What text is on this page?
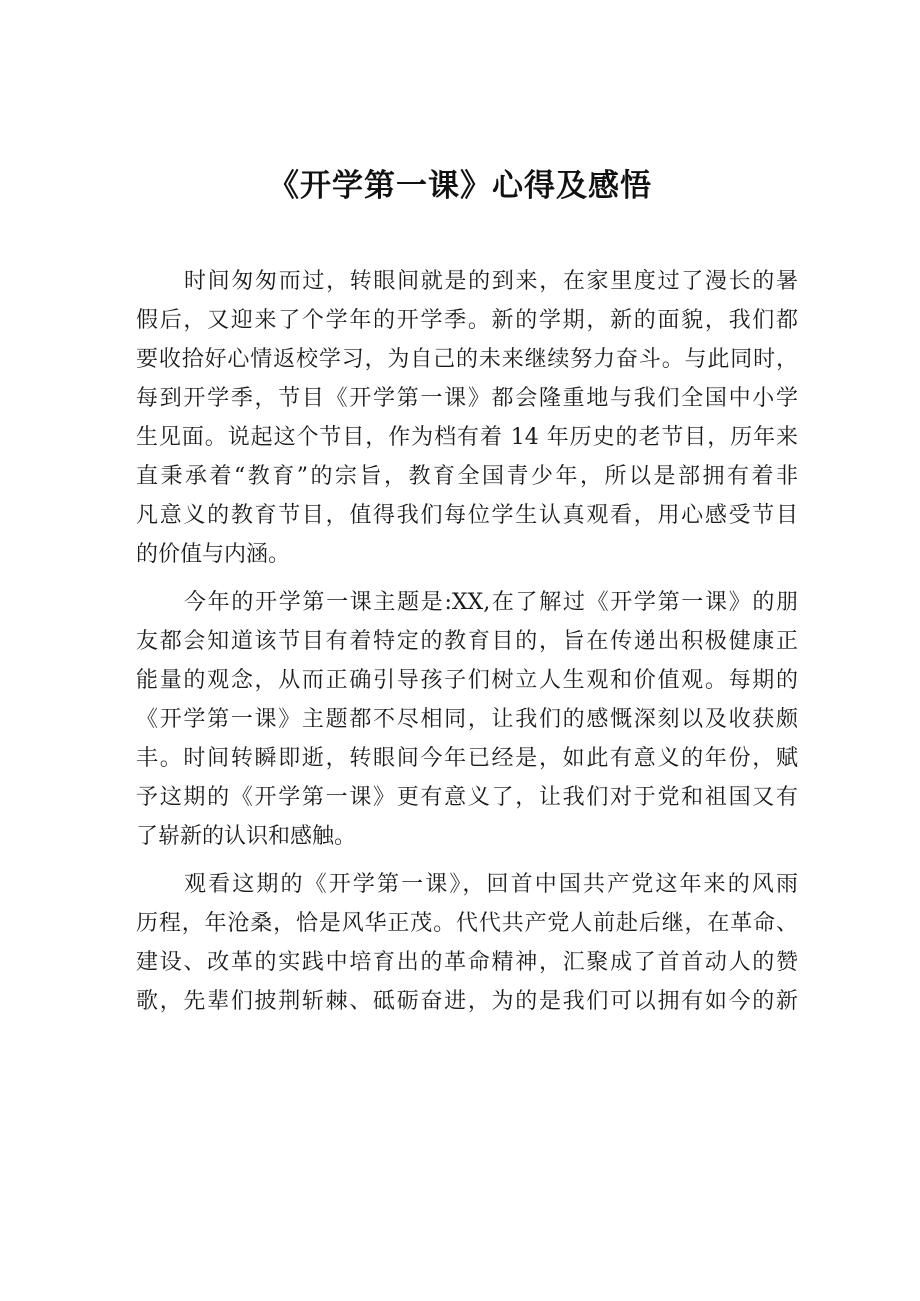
《开学第一课》心得及感悟
时间匆匆而过，转眼间就是的到来，在家里度过了漫长的暑
假后，又迎来了个学年的开学季。新的学期，新的面貌，我们都
要收拾好心情返校学习，为自己的未来继续努力奋斗。与此同时，
每到开学季，节目《开学第一课》都会隆重地与我们全国中小学
生见面。说起这个节目，作为档有着 14 年历史的老节目，历年来
直秉承着“教育”的宗旨，教育全国青少年，所以是部拥有着非
凡意义的教育节目，值得我们每位学生认真观看，用心感受节目
的价值与内涵。
今年的开学第一课主题是:XX,在了解过《开学第一课》的朋
友都会知道该节目有着特定的教育目的，旨在传递出积极健康正
能量的观念，从而正确引导孩子们树立人生观和价值观。每期的
《开学第一课》主题都不尽相同，让我们的感慨深刻以及收获颇
丰。时间转瞬即逝，转眼间今年已经是，如此有意义的年份，赋
予这期的《开学第一课》更有意义了，让我们对于党和祖国又有
了崭新的认识和感触。
观看这期的《开学第一课》，回首中国共产党这年来的风雨
历程，年沧桑，恰是风华正茂。代代共产党人前赴后继，在革命、
建设、改革的实践中培育出的革命精神，汇聚成了首首动人的赞
歌，先辈们披荆斩棘、砥砺奋进，为的是我们可以拥有如今的新
